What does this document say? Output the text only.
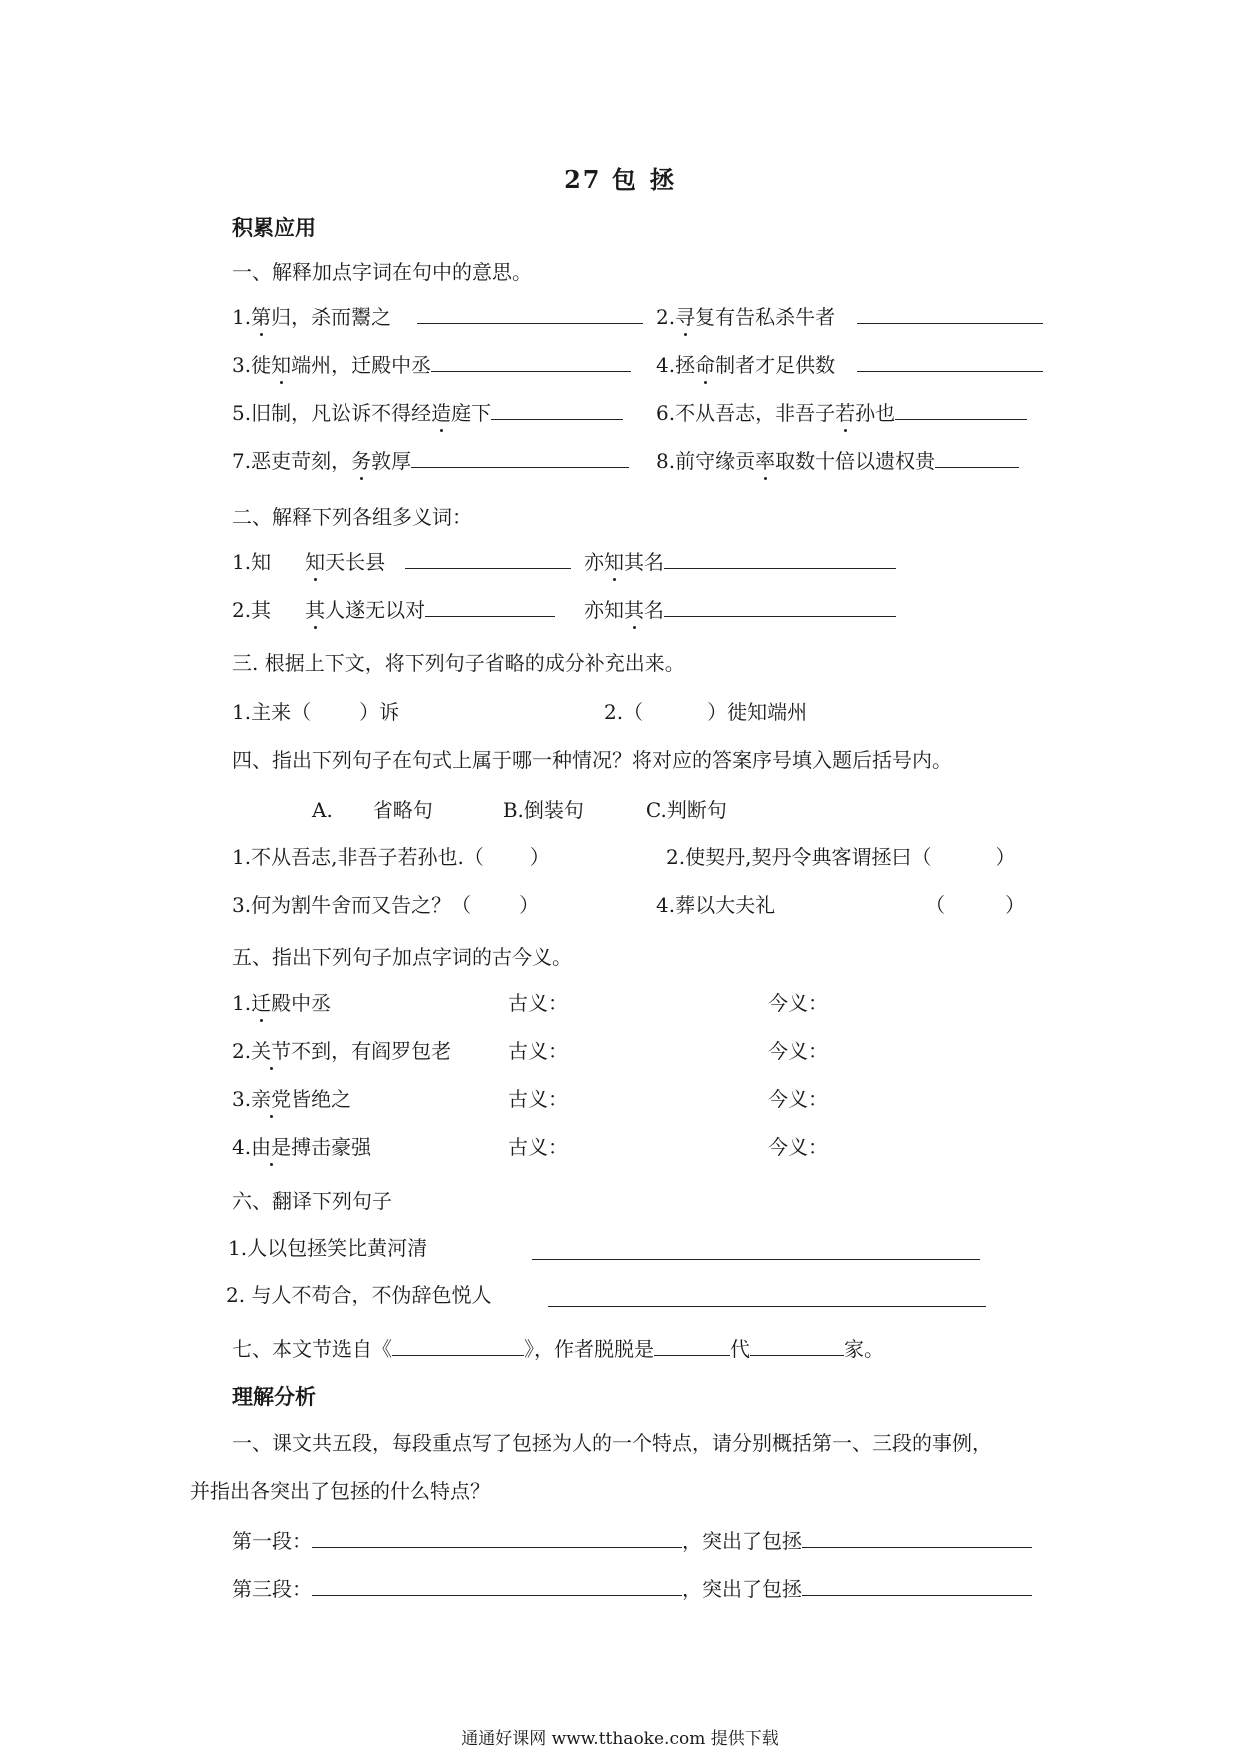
27 包 拯
积累应用
一、解释加点字词在句中的意思。
1.第归，杀而鬻之	2.寻复有告私杀牛者
3.徙知端州，迁殿中丞	4.拯命制者才足供数
5.旧制，凡讼诉不得经造庭下	6.不从吾志，非吾子若孙也
7.恶吏苛刻，务敦厚	8.前守缘贡率取数十倍以遗权贵
二、解释下列各组多义词：
1.知 知天长县	亦知其名
2.其 其人遂无以对	亦知其名
三. 根据上下文，将下列句子省略的成分补充出来。
1.主来（ ）诉	2.（	）徙知端州
四、指出下列句子在句式上属于哪一种情况？将对应的答案序号填入题后括号内。
A. 省略句	B.倒装句	C.判断句
1.不从吾志,非吾子若孙也.（ ）	2.使契丹,契丹令典客谓拯曰（	）
3.何为割牛舍而又告之？（ ）	4.葬以大夫礼	（	）
五、指出下列句子加点字词的古今义。
1.迁殿中丞	古义：	今义：
2.关节不到，有阎罗包老	古义：	今义：
3.亲党皆绝之	古义：	今义：
4.由是搏击豪强	古义：	今义：
六、翻译下列句子
1.人以包拯笑比黄河清
2. 与人不苟合，不伪辞色悦人
七、本文节选自《	》，作者脱脱是	代	家。
理解分析
一、课文共五段，每段重点写了包拯为人的一个特点，请分别概括第一、三段的事例，
并指出各突出了包拯的什么特点？
第一段：	，突出了包拯
第三段：	，突出了包拯
通通好课网 www.tthaoke.com 提供下载
